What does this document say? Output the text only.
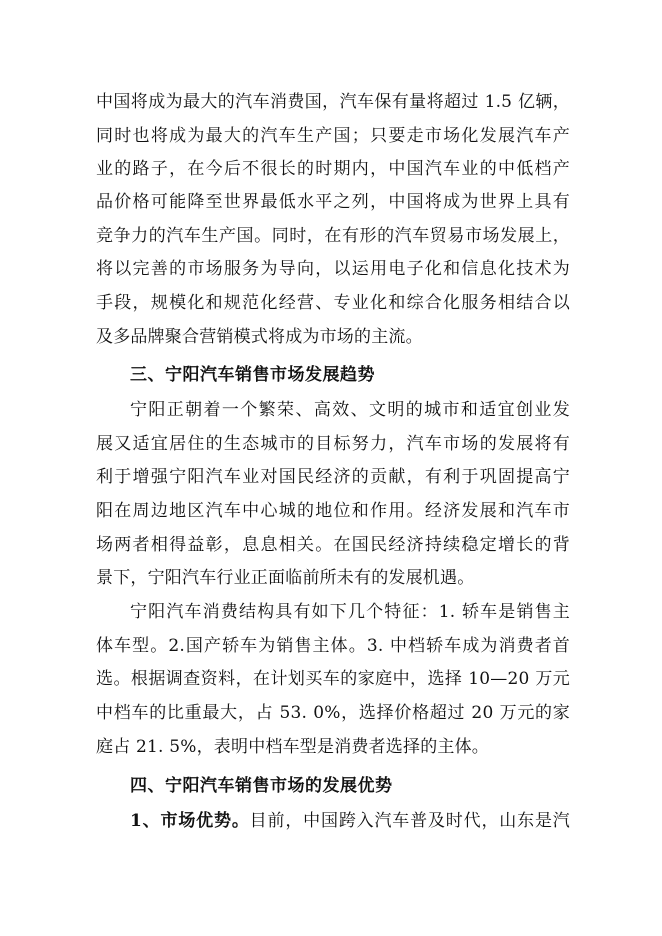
中国将成为最大的汽车消费国，汽车保有量将超过 1.5 亿辆，
同时也将成为最大的汽车生产国；只要走市场化发展汽车产
业的路子，在今后不很长的时期内，中国汽车业的中低档产
品价格可能降至世界最低水平之列，中国将成为世界上具有
竞争力的汽车生产国。同时，在有形的汽车贸易市场发展上，
将以完善的市场服务为导向，以运用电子化和信息化技术为
手段，规模化和规范化经营、专业化和综合化服务相结合以
及多品牌聚合营销模式将成为市场的主流。
三、宁阳汽车销售市场发展趋势
宁阳正朝着一个繁荣、高效、文明的城市和适宜创业发
展又适宜居住的生态城市的目标努力，汽车市场的发展将有
利于增强宁阳汽车业对国民经济的贡献，有利于巩固提高宁
阳在周边地区汽车中心城的地位和作用。经济发展和汽车市
场两者相得益彰，息息相关。在国民经济持续稳定增长的背
景下，宁阳汽车行业正面临前所未有的发展机遇。
宁阳汽车消费结构具有如下几个特征：1. 轿车是销售主
体车型。2.国产轿车为销售主体。3. 中档轿车成为消费者首
选。根据调查资料，在计划买车的家庭中，选择 10—20 万元
中档车的比重最大，占 53. 0%，选择价格超过 20 万元的家
庭占 21. 5%，表明中档车型是消费者选择的主体。
四、宁阳汽车销售市场的发展优势
1、市场优势。目前，中国跨入汽车普及时代，山东是汽
